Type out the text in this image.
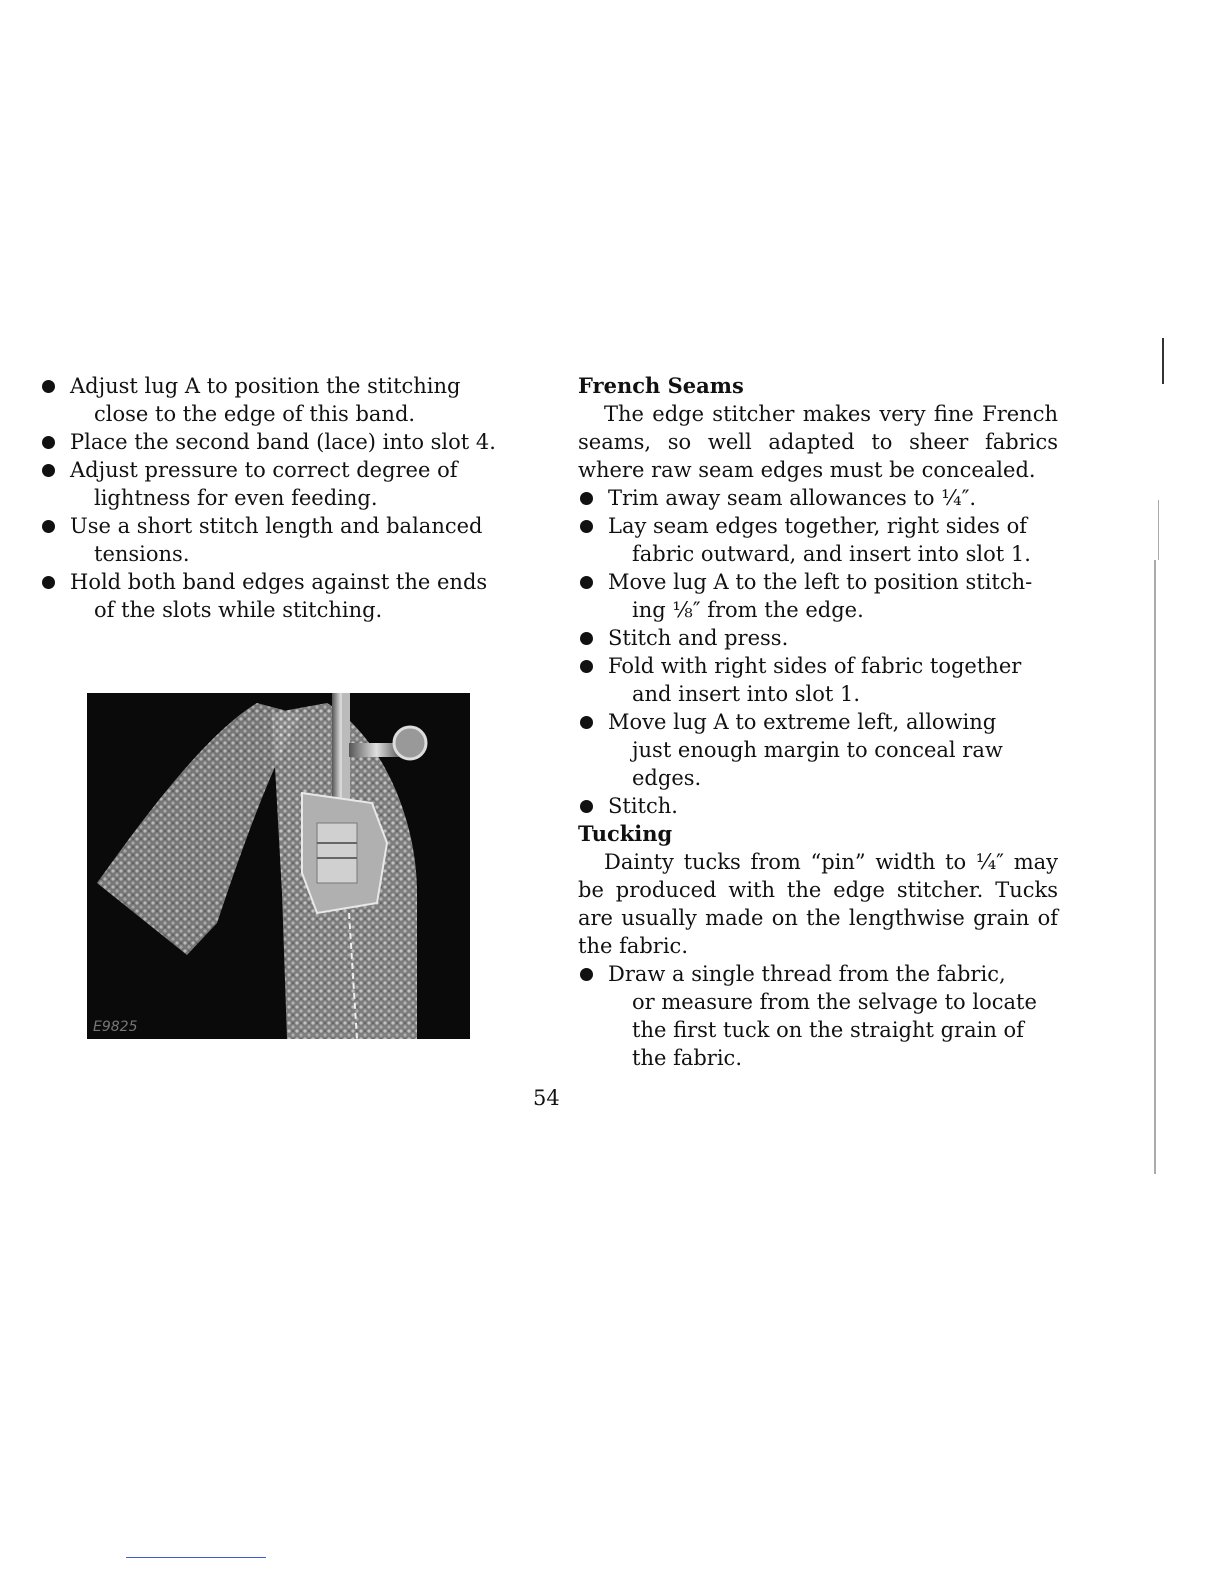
Adjust lug A to position the stitching
close to the edge of this band.
Place the second band (lace) into slot 4.
Adjust pressure to correct degree of
lightness for even feeding.
Use a short stitch length and balanced
tensions.
Hold both band edges against the ends
of the slots while stitching.
E9825

French Seams

The edge stitcher makes very fine French seams, so well adapted to sheer fabrics where raw seam edges must be concealed.

Trim away seam allowances to ¼″.
Lay seam edges together, right sides of
fabric outward, and insert into slot 1.
Move lug A to the left to position stitch-
ing ⅛″ from the edge.
Stitch and press.
Fold with right sides of fabric together
and insert into slot 1.
Move lug A to extreme left, allowing
just enough margin to conceal raw edges.
Stitch.

Tucking

Dainty tucks from “pin” width to ¼″ may be produced with the edge stitcher. Tucks are usually made on the lengthwise grain of the fabric.

Draw a single thread from the fabric,
or measure from the selvage to locate the first tuck on the straight grain of the fabric.
54
